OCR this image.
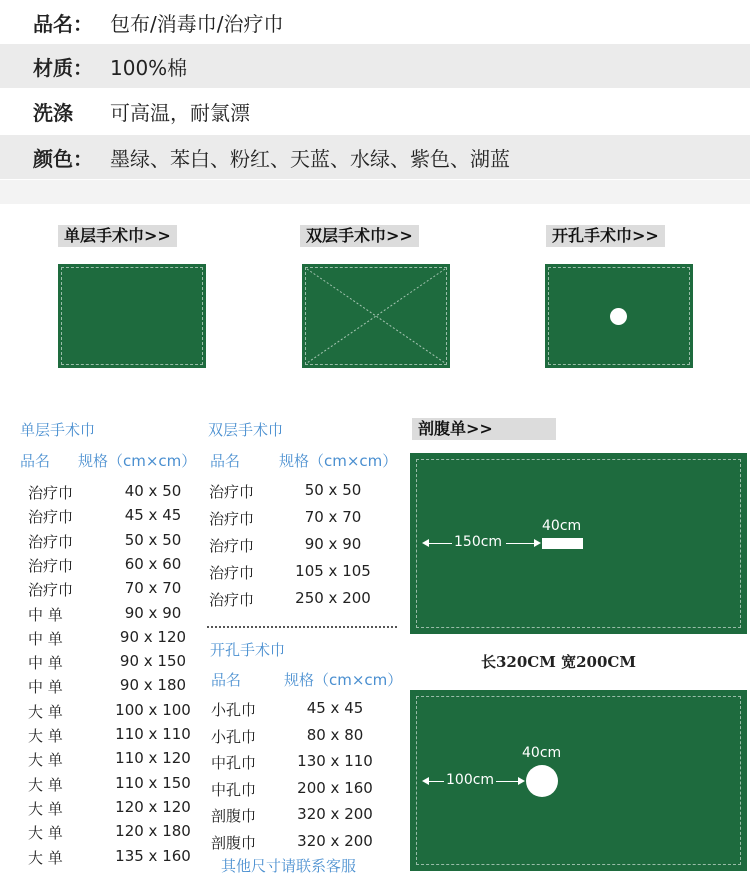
品名： 包布/消毒巾/治疗巾
材质： 100%棉
洗涤 可高温，耐氯漂
颜色： 墨绿、苯白、粉红、天蓝、水绿、紫色、湖蓝
单层手术巾>>	双层手术巾>>	开孔手术巾>>
单层手术巾
品名 规格（cm×cm）
治疗巾	40 x 50
治疗巾	45 x 45
治疗巾	50 x 50
治疗巾	60 x 60
治疗巾	70 x 70
中 单	90 x 90
中 单	90 x 120
中 单	90 x 150
中 单	90 x 180
大 单	100 x 100
大 单	110 x 110
大 单	110 x 120
大 单	110 x 150
大 单	120 x 120
大 单	120 x 180
大 单	135 x 160
双层手术巾
品名	规格（cm×cm）
治疗巾	50 x 50
治疗巾	70 x 70
治疗巾	90 x 90
治疗巾	105 x 105
治疗巾	250 x 200
开孔手术巾
品名	规格（cm×cm）
小孔巾	45 x 45
小孔巾	80 x 80
中孔巾	130 x 110
中孔巾	200 x 160
剖腹巾	320 x 200
剖腹巾	320 x 200
其他尺寸请联系客服
剖腹单>>
150cm
40cm
长320CM 宽200CM
100cm
40cm
